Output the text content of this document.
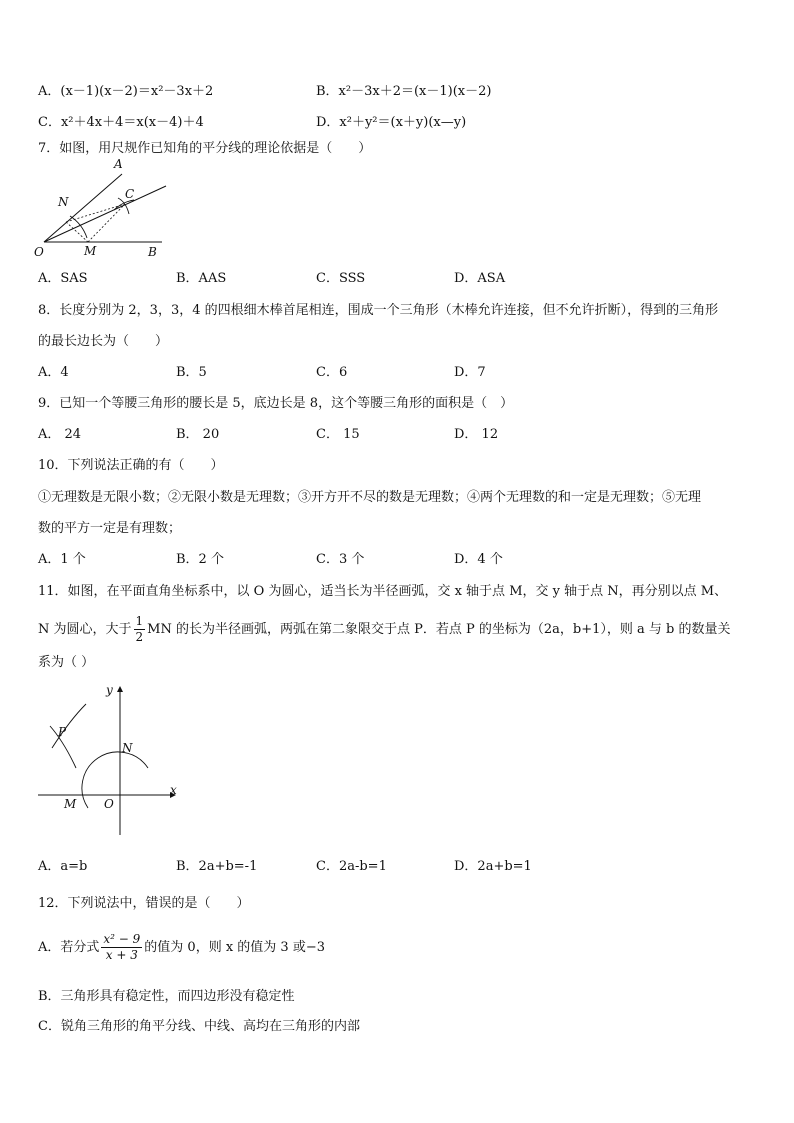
A．(x－1)(x－2)＝x²－3x＋2	B．x²－3x＋2＝(x－1)(x－2)
C．x²＋4x＋4＝x(x－4)＋4	D．x²＋y²＝(x＋y)(x—y)
7．如图，用尺规作已知角的平分线的理论依据是（　　）
A
C
N
O	M	B
A．SAS	B．AAS	C．SSS	D．ASA
8．长度分别为 2，3，3，4 的四根细木棒首尾相连，围成一个三角形（木棒允许连接，但不允许折断），得到的三角形
的最长边长为（　　）
A．4	B．5	C．6	D．7
9．已知一个等腰三角形的腰长是 5，底边长是 8，这个等腰三角形的面积是（　）
A． 24	B． 20	C． 15	D． 12
10．下列说法正确的有（　　）
①无理数是无限小数；②无限小数是无理数；③开方开不尽的数是无理数；④两个无理数的和一定是无理数；⑤无理
数的平方一定是有理数；
A．1 个	B．2 个	C．3 个	D．4 个
11．如图，在平面直角坐标系中，以 O 为圆心，适当长为半径画弧，交 x 轴于点 M，交 y 轴于点 N，再分别以点 M、
N 为圆心，大于 $\frac{1}{2}$ MN 的长为半径画弧，两弧在第二象限交于点 P．若点 P 的坐标为（2a，b+1），则 a 与 b 的数量关
系为（ ）
y
x
P
N
M O
A．a=b	B．2a+b=-1	C．2a-b=1	D．2a+b=1
12．下列说法中，错误的是（　　）
A．若分式 $\frac{\text{x² − 9}}{x + 3}$ 的值为 0，则 x 的值为 3 或−3
B．三角形具有稳定性，而四边形没有稳定性
C．锐角三角形的角平分线、中线、高均在三角形的内部
